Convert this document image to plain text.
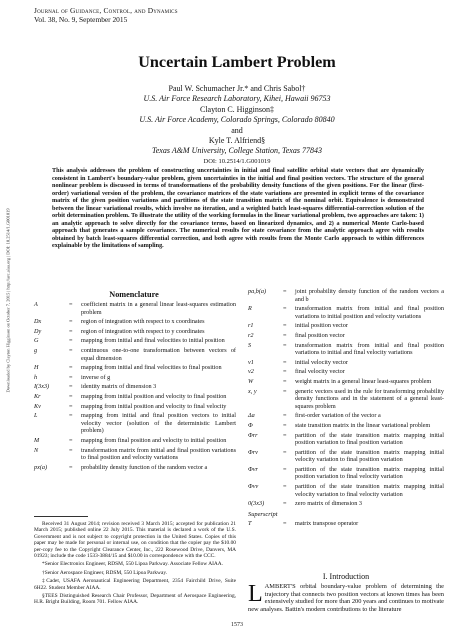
Journal of Guidance, Control, and Dynamics
Vol. 38, No. 9, September 2015
Downloaded by Clayton Higginson on October 7, 2015 | http://arc.aiaa.org | DOI: 10.2514/1.G001019
Uncertain Lambert Problem
Paul W. Schumacher Jr.* and Chris Sabol†
U.S. Air Force Research Laboratory, Kihei, Hawaii 96753
Clayton C. Higginson‡
U.S. Air Force Academy, Colorado Springs, Colorado 80840
and
Kyle T. Alfriend§
Texas A&M University, College Station, Texas 77843
DOI: 10.2514/1.G001019
This analysis addresses the problem of constructing uncertainties in initial and final satellite orbital state vectors that are dynamically consistent in Lambert's boundary-value problem, given uncertainties in the initial and final position vectors. The structure of the general nonlinear problem is discussed in terms of transformations of the probability density functions of the given positions. For the linear (first-order) variational version of the problem, the covariance matrices of the state variations are presented in explicit terms of the covariance matrix of the given position variations and partitions of the state transition matrix of the nominal orbit. Equivalence is demonstrated between the linear variational results, which involve no iteration, and a weighted batch least-squares differential-correction solution of the orbit determination problem. To illustrate the utility of the working formulas in the linear variational problem, two approaches are taken: 1) an analytic approach to solve directly for the covariance terms, based on linearized dynamics, and 2) a numerical Monte Carlo-based approach that generates a sample covariance. The numerical results for state covariance from the analytic approach agree with results obtained by batch least-squares differential correction, and both agree with results from the Monte Carlo approach to within differences explainable by the limitations of sampling.
Nomenclature
A	=	coefficient matrix in a general linear least-squares estimation problem
Dx	=	region of integration with respect to x coordinates
Dy	=	region of integration with respect to y coordinates
G	=	mapping from initial and final velocities to initial position
g	=	continuous one-to-one transformation between vectors of equal dimension
H	=	mapping from initial and final velocities to final position
h	=	inverse of g
I(3x3)	=	identity matrix of dimension 3
Kr	=	mapping from initial position and velocity to final position
Kv	=	mapping from initial position and velocity to final velocity
L	=	mapping from initial and final position vectors to initial velocity vector (solution of the deterministic Lambert problem)
M	=	mapping from final position and velocity to initial position
N	=	transformation matrix from initial and final position variations to final position and velocity variations
px(a)	=	probability density function of the random vector a
pa,b(a)	=	joint probability density function of the random vectors a and b
R	=	transformation matrix from initial and final position variations to initial position and velocity variations
r1	=	initial position vector
r2	=	final position vector
S	=	transformation matrix from initial and final position variations to initial and final velocity variations
v1	=	initial velocity vector
v2	=	final velocity vector
W	=	weight matrix in a general linear least-squares problem
x, y	=	generic vectors used in the rule for transforming probability density functions and in the statement of a general least-squares problem
Δa	=	first-order variation of the vector a
Φ	=	state transition matrix in the linear variational problem
Φrr	=	partition of the state transition matrix mapping initial position variation to final position variation
Φrv	=	partition of the state transition matrix mapping initial velocity variation to final position variation
Φvr	=	partition of the state transition matrix mapping initial position variation to final velocity variation
Φvv	=	partition of the state transition matrix mapping initial velocity variation to final velocity variation
0(3x3)	=	zero matrix of dimension 3
Superscript
T	=	matrix transpose operator

Received 31 August 2014; revision received 3 March 2015; accepted for publication 21 March 2015; published online 22 July 2015. This material is declared a work of the U.S. Government and is not subject to copyright protection in the United States. Copies of this paper may be made for personal or internal use, on condition that the copier pay the $10.00 per-copy fee to the Copyright Clearance Center, Inc., 222 Rosewood Drive, Danvers, MA 01923; include the code 1533-3884/15 and $10.00 in correspondence with the CCC.

*Senior Electronics Engineer, RDSM, 550 Lipoa Parkway. Associate Fellow AIAA.

†Senior Aerospace Engineer, RDSM, 550 Lipoa Parkway.

‡Cadet, USAFA Aeronautical Engineering Department, 2354 Fairchild Drive, Suite 6H22. Student Member AIAA.

§TEES Distinguished Research Chair Professor, Department of Aerospace Engineering, H.R. Bright Building, Room 701. Fellow AIAA.

I. Introduction
LAMBERT'S orbital boundary-value problem of determining the trajectory that connects two position vectors at known times has been extensively studied for more than 200 years and continues to motivate new analyses. Battin's modern contributions to the literature
1573
